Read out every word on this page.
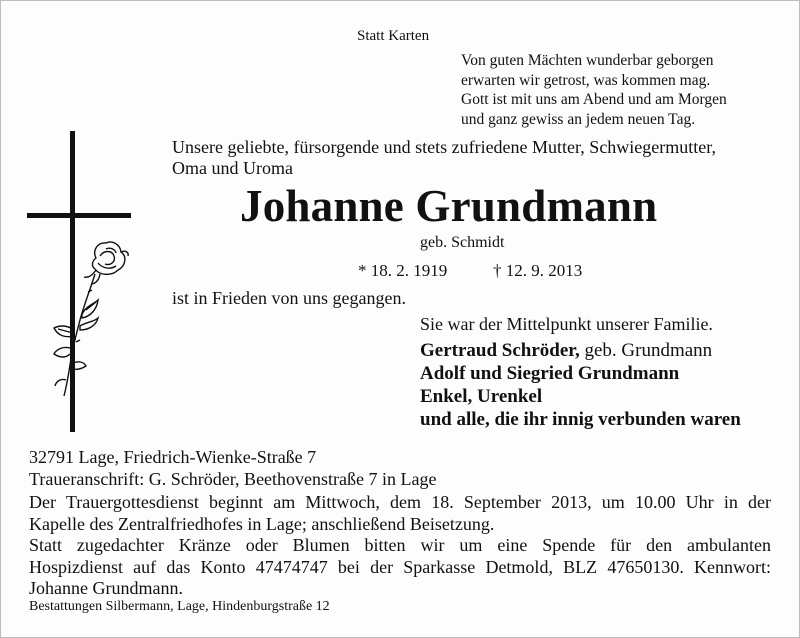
Statt Karten
Von guten Mächten wunderbar geborgen
erwarten wir getrost, was kommen mag.
Gott ist mit uns am Abend und am Morgen
und ganz gewiss an jedem neuen Tag.
Unsere geliebte, fürsorgende und stets zufriedene Mutter, Schwiegermutter,
Oma und Uroma
Johanne Grundmann
geb. Schmidt
* 18. 2. 1919	† 12. 9. 2013
ist in Frieden von uns gegangen.
Sie war der Mittelpunkt unserer Familie.
Gertraud Schröder, geb. Grundmann
Adolf und Siegried Grundmann
Enkel, Urenkel
und alle, die ihr innig verbunden waren
32791 Lage, Friedrich-Wienke-Straße 7
Traueranschrift: G. Schröder, Beethovenstraße 7 in Lage
Der Trauergottesdienst beginnt am Mittwoch, dem 18. September 2013, um 10.00 Uhr in der
Kapelle des Zentralfriedhofes in Lage; anschließend Beisetzung.
Statt zugedachter Kränze oder Blumen bitten wir um eine Spende für den ambulanten
Hospizdienst auf das Konto 47474747 bei der Sparkasse Detmold, BLZ 47650130. Kennwort:
Johanne Grundmann.
Bestattungen Silbermann, Lage, Hindenburgstraße 12
